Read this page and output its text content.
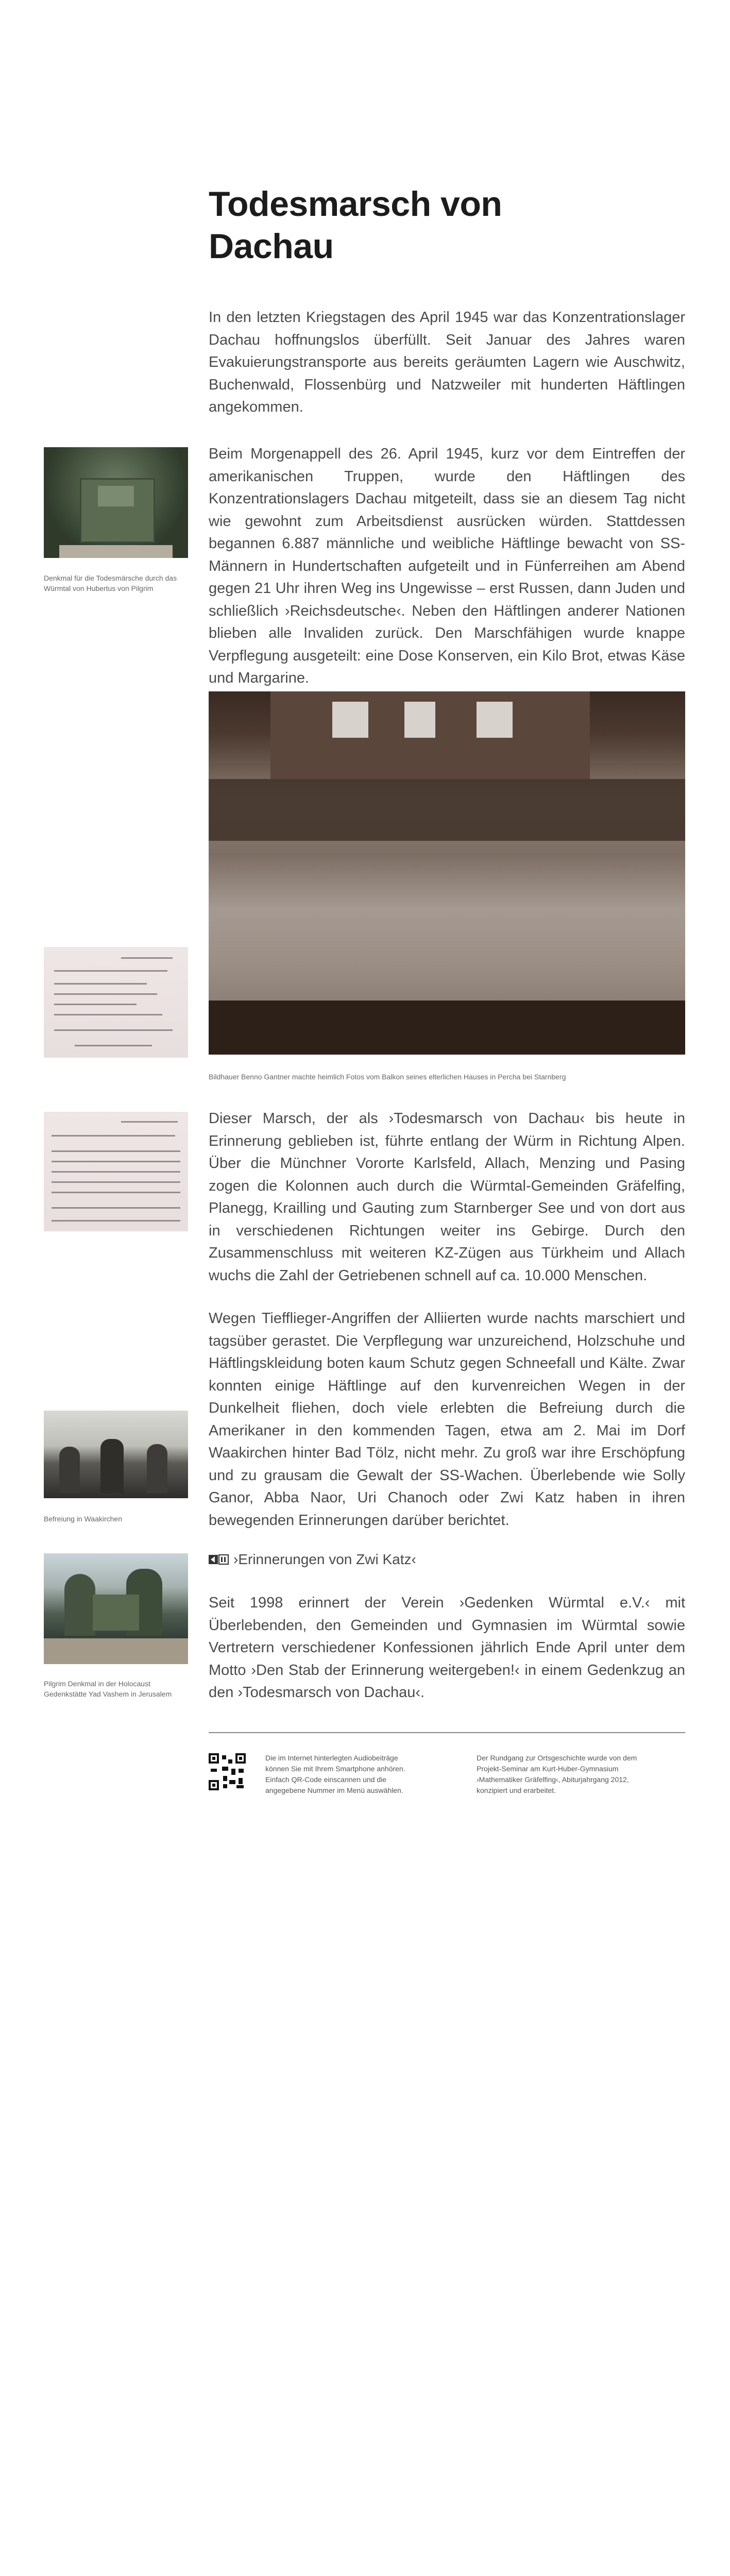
Todesmarsch von
Dachau
In den letzten Kriegstagen des April 1945 war das Konzentrationslager Dachau hoffnungslos überfüllt. Seit Januar des Jahres waren Evakuierungstransporte aus bereits geräumten Lagern wie Auschwitz, Buchenwald, Flossenbürg und Natzweiler mit hunderten Häftlingen angekommen.
Denkmal für die Todesmärsche durch das Würmtal von Hubertus von Pilgrim
Beim Morgenappell des 26. April 1945, kurz vor dem Eintreffen der amerikanischen Truppen, wurde den Häftlingen des Konzentrationslagers Dachau mitgeteilt, dass sie an diesem Tag nicht wie gewohnt zum Arbeitsdienst ausrücken würden. Stattdessen begannen 6.887 männliche und weibliche Häftlinge bewacht von SS-Männern in Hundertschaften aufgeteilt und in Fünferreihen am Abend gegen 21 Uhr ihren Weg ins Ungewisse – erst Russen, dann Juden und schließlich ›Reichsdeutsche‹. Neben den Häftlingen anderer Nationen blieben alle Invaliden zurück. Den Marschfähigen wurde knappe Verpflegung ausgeteilt: eine Dose Konserven, ein Kilo Brot, etwas Käse und Margarine.
Bildhauer Benno Gantner machte heimlich Fotos vom Balkon seines elterlichen Hauses in Percha bei Starnberg
Dieser Marsch, der als ›Todesmarsch von Dachau‹ bis heute in Erinnerung geblieben ist, führte entlang der Würm in Richtung Alpen. Über die Münchner Vororte Karlsfeld, Allach, Menzing und Pasing zogen die Kolonnen auch durch die Würmtal-Gemeinden Gräfelfing, Planegg, Krailling und Gauting zum Starnberger See und von dort aus in verschiedenen Richtungen weiter ins Gebirge. Durch den Zusammenschluss mit weiteren KZ-Zügen aus Türkheim und Allach wuchs die Zahl der Getriebenen schnell auf ca. 10.000 Menschen.
Wegen Tiefflieger-Angriffen der Alliierten wurde nachts marschiert und tagsüber gerastet. Die Verpflegung war unzureichend, Holzschuhe und Häftlingskleidung boten kaum Schutz gegen Schneefall und Kälte. Zwar konnten einige Häftlinge auf den kurvenreichen Wegen in der Dunkelheit fliehen, doch viele erlebten die Befreiung durch die Amerikaner in den kommenden Tagen, etwa am 2. Mai im Dorf Waakirchen hinter Bad Tölz, nicht mehr. Zu groß war ihre Erschöpfung und zu grausam die Gewalt der SS-Wachen. Überlebende wie Solly Ganor, Abba Naor, Uri Chanoch oder Zwi Katz haben in ihren bewegenden Erinnerungen darüber berichtet.
Befreiung in Waakirchen
›Erinnerungen von Zwi Katz‹
Pilgrim Denkmal in der Holocaust Gedenkstätte Yad Vashem in Jerusalem
Seit 1998 erinnert der Verein ›Gedenken Würmtal e.V.‹ mit Überlebenden, den Gemeinden und Gymnasien im Würmtal sowie Vertretern verschiedener Konfessionen jährlich Ende April unter dem Motto ›Den Stab der Erinnerung weitergeben!‹ in einem Gedenkzug an den ›Todesmarsch von Dachau‹.
Die im Internet hinterlegten Audiobeiträge können Sie mit Ihrem Smartphone anhören. Einfach QR-Code einscannen und die angegebene Nummer im Menü auswählen.
Der Rundgang zur Ortsgeschichte wurde von dem Projekt-Seminar am Kurt-Huber-Gymnasium ›Mathematiker Gräfelfing‹, Abiturjahrgang 2012, konzipiert und erarbeitet.
